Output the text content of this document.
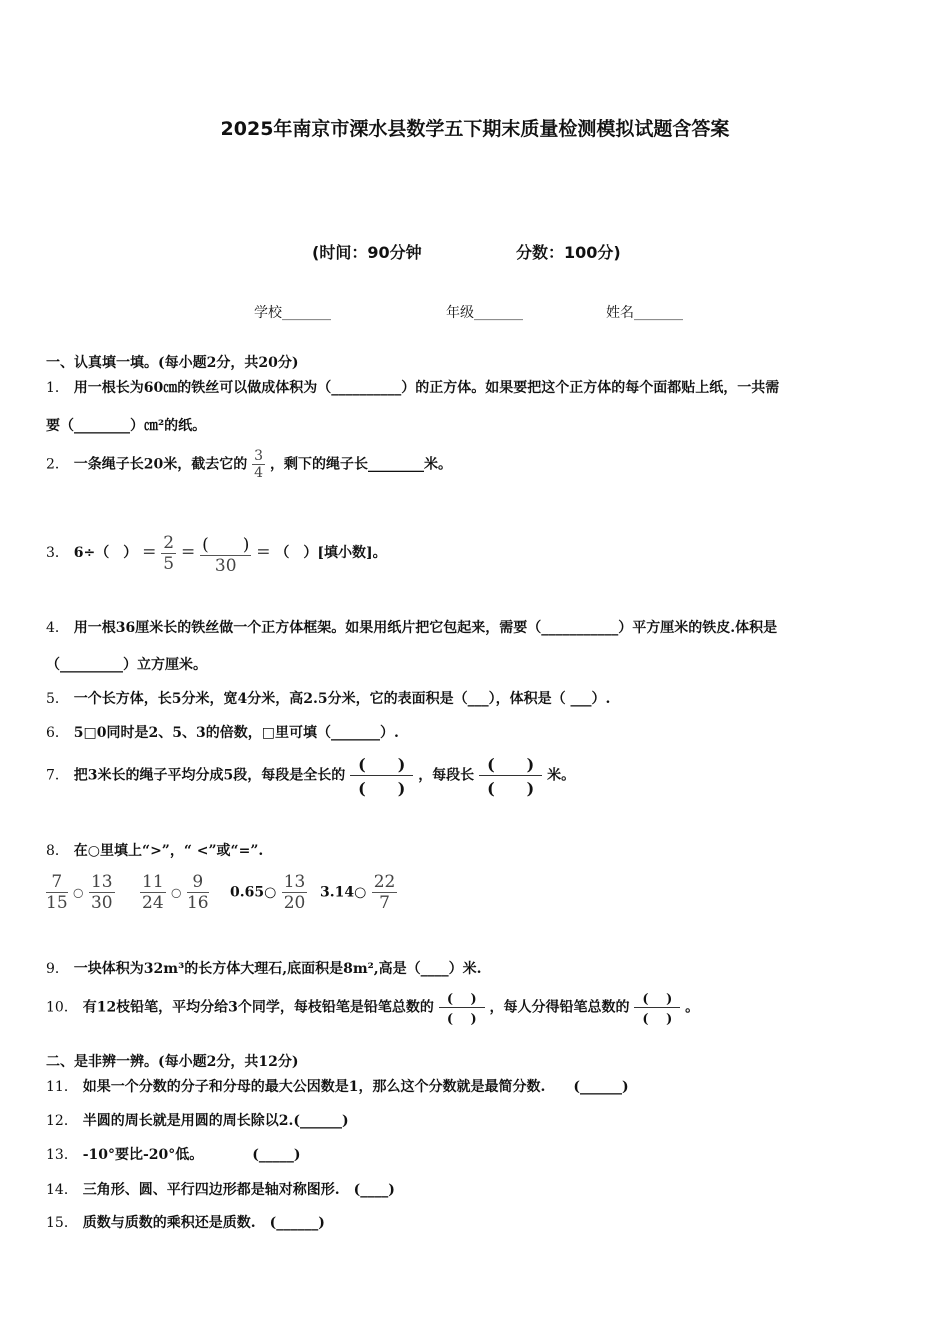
2025年南京市溧水县数学五下期末质量检测模拟试题含答案
(时间：90分钟	分数：100分)
学校_______	年级_______	姓名_______
一、认真填一填。(每小题2分，共20分)
1． 用一根长为60㎝的铁丝可以做成体积为（__________）的正方体。如果要把这个正方体的每个面都贴上纸，一共需
要（________）㎝²的纸。
2． 一条绳子长20米，截去它的 $\frac{3}{4}$ ，剩下的绳子长________米。
3． 6÷（　） = $\frac{2}{5} = \frac{( )}{30}$ = （　）[填小数]。
4． 用一根36厘米长的铁丝做一个正方体框架。如果用纸片把它包起来，需要（___________）平方厘米的铁皮.体积是
（_________）立方厘米。
5． 一个长方体，长5分米，宽4分米，高2.5分米，它的表面积是（___），体积是（ ___）.
6． 5□0同时是2、5、3的倍数，□里可填（_______）.
7． 把3米长的绳子平均分成5段，每段是全长的
(　　)
(　　)
，每段长
(　　)
(　　)
米。
8． 在○里填上“>”，“ <”或“=”.
$\frac{7}{15}$ ○ $\frac{13}{30} \frac{11}{24}$ ○ $\frac{9}{16}$ 0.65○ $\frac{13}{20}$ 3.14○ $\frac{22}{7}$
9． 一块体积为32m³的长方体大理石,底面积是8m²,高是（____）米.
10． 有12枝铅笔，平均分给3个同学，每枝铅笔是铅笔总数的 ( 　)
( 　)
，每人分得铅笔总数的 ( 　)
( 　)
。
二、是非辨一辨。(每小题2分，共12分)
11． 如果一个分数的分子和分母的最大公因数是1，那么这个分数就是最简分数.　　(______)
12． 半圆的周长就是用圆的周长除以2.(______)
13． -10°要比-20°低。　　　　(_____)
14． 三角形、圆、平行四边形都是轴对称图形.　(____)
15． 质数与质数的乘积还是质数.　(______)
